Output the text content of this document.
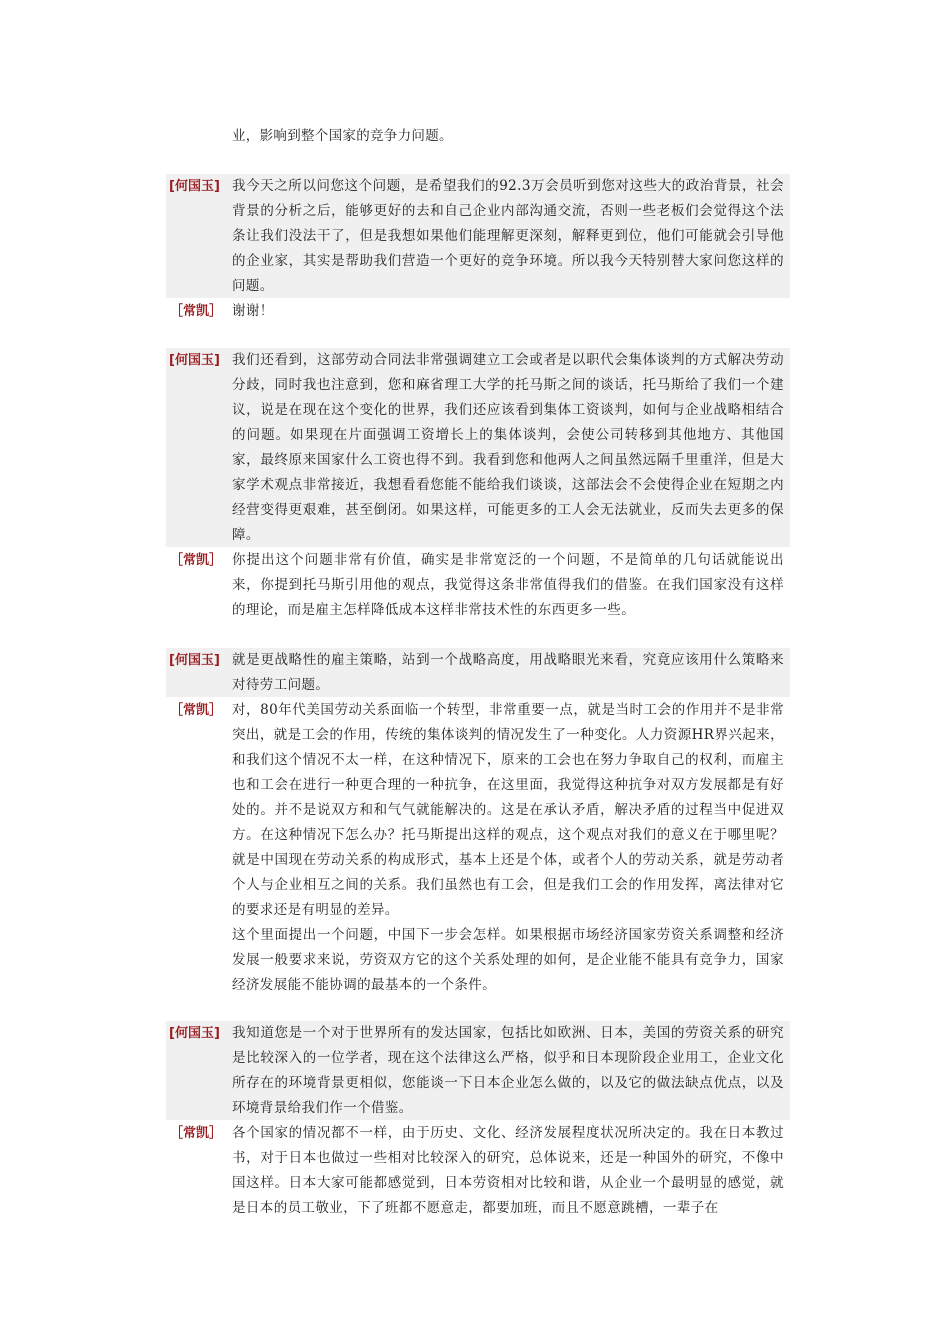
业，影响到整个国家的竞争力问题。
[何国玉] 我今天之所以问您这个问题，是希望我们的92.3万会员听到您对这些大的政治背景，社会背景的分析之后，能够更好的去和自己企业内部沟通交流，否则一些老板们会觉得这个法条让我们没法干了，但是我想如果他们能理解更深刻，解释更到位，他们可能就会引导他的企业家，其实是帮助我们营造一个更好的竞争环境。所以我今天特别替大家问您这样的问题。

［常凯］ 谢谢！

[何国玉] 我们还看到，这部劳动合同法非常强调建立工会或者是以职代会集体谈判的方式解决劳动分歧，同时我也注意到，您和麻省理工大学的托马斯之间的谈话，托马斯给了我们一个建议，说是在现在这个变化的世界，我们还应该看到集体工资谈判，如何与企业战略相结合的问题。如果现在片面强调工资增长上的集体谈判，会使公司转移到其他地方、其他国家，最终原来国家什么工资也得不到。我看到您和他两人之间虽然远隔千里重洋，但是大家学术观点非常接近，我想看看您能不能给我们谈谈，这部法会不会使得企业在短期之内经营变得更艰难，甚至倒闭。如果这样，可能更多的工人会无法就业，反而失去更多的保障。

［常凯］ 你提出这个问题非常有价值，确实是非常宽泛的一个问题，不是简单的几句话就能说出来，你提到托马斯引用他的观点，我觉得这条非常值得我们的借鉴。在我们国家没有这样的理论，而是雇主怎样降低成本这样非常技术性的东西更多一些。

[何国玉] 就是更战略性的雇主策略，站到一个战略高度，用战略眼光来看，究竟应该用什么策略来对待劳工问题。

［常凯］ 对，80年代美国劳动关系面临一个转型，非常重要一点，就是当时工会的作用并不是非常突出，就是工会的作用，传统的集体谈判的情况发生了一种变化。人力资源HR界兴起来，和我们这个情况不太一样，在这种情况下，原来的工会也在努力争取自己的权利，而雇主也和工会在进行一种更合理的一种抗争，在这里面，我觉得这种抗争对双方发展都是有好处的。并不是说双方和和气气就能解决的。这是在承认矛盾，解决矛盾的过程当中促进双方。在这种情况下怎么办？托马斯提出这样的观点，这个观点对我们的意义在于哪里呢？就是中国现在劳动关系的构成形式，基本上还是个体，或者个人的劳动关系，就是劳动者个人与企业相互之间的关系。我们虽然也有工会，但是我们工会的作用发挥，离法律对它的要求还是有明显的差异。

这个里面提出一个问题，中国下一步会怎样。如果根据市场经济国家劳资关系调整和经济发展一般要求来说，劳资双方它的这个关系处理的如何，是企业能不能具有竞争力，国家经济发展能不能协调的最基本的一个条件。

[何国玉] 我知道您是一个对于世界所有的发达国家，包括比如欧洲、日本，美国的劳资关系的研究是比较深入的一位学者，现在这个法律这么严格，似乎和日本现阶段企业用工，企业文化所存在的环境背景更相似，您能谈一下日本企业怎么做的，以及它的做法缺点优点，以及环境背景给我们作一个借鉴。

［常凯］ 各个国家的情况都不一样，由于历史、文化、经济发展程度状况所决定的。我在日本教过书，对于日本也做过一些相对比较深入的研究，总体说来，还是一种国外的研究，不像中国这样。日本大家可能都感觉到，日本劳资相对比较和谐，从企业一个最明显的感觉，就是日本的员工敬业，下了班都不愿意走，都要加班，而且不愿意跳槽，一辈子在
